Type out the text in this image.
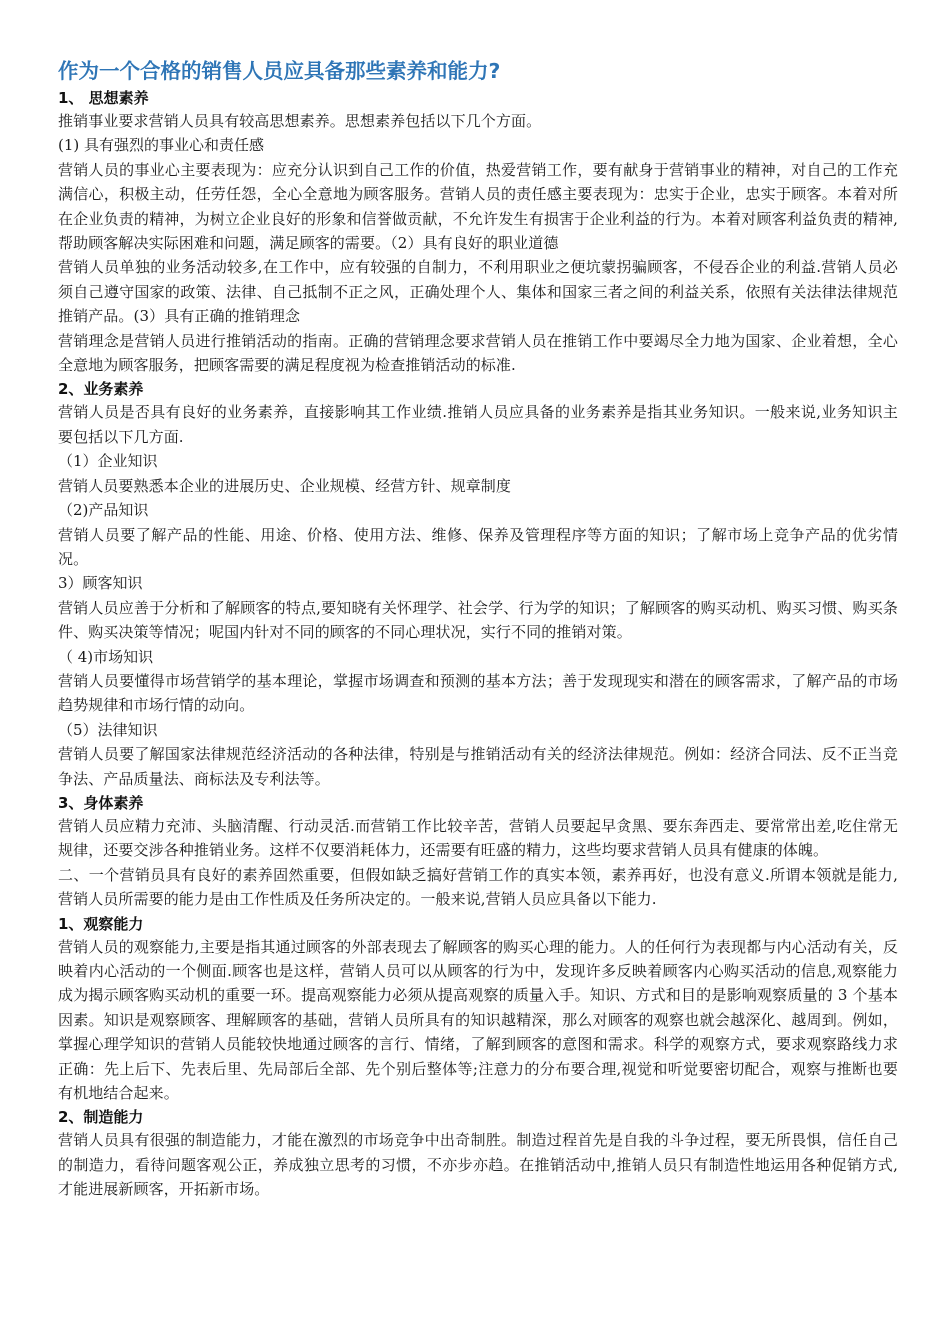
作为一个合格的销售人员应具备那些素养和能力?
1、 思想素养

推销事业要求营销人员具有较高思想素养。思想素养包括以下几个方面。

(1) 具有强烈的事业心和责任感

营销人员的事业心主要表现为：应充分认识到自己工作的价值，热爱营销工作，要有献身于营销事业的精神，对自己的工作充满信心，积极主动，任劳任怨，全心全意地为顾客服务。营销人员的责任感主要表现为：忠实于企业，忠实于顾客。本着对所在企业负责的精神，为树立企业良好的形象和信誉做贡献，不允许发生有损害于企业利益的行为。本着对顾客利益负责的精神,帮助顾客解决实际困难和问题，满足顾客的需要。（2）具有良好的职业道德

营销人员单独的业务活动较多,在工作中，应有较强的自制力，不利用职业之便坑蒙拐骗顾客，不侵吞企业的利益.营销人员必须自己遵守国家的政策、法律、自己抵制不正之风，正确处理个人、集体和国家三者之间的利益关系，依照有关法律法律规范推销产品。(3）具有正确的推销理念

营销理念是营销人员进行推销活动的指南。正确的营销理念要求营销人员在推销工作中要竭尽全力地为国家、企业着想，全心全意地为顾客服务，把顾客需要的满足程度视为检查推销活动的标准.

2、业务素养

营销人员是否具有良好的业务素养，直接影响其工作业绩.推销人员应具备的业务素养是指其业务知识。一般来说,业务知识主要包括以下几方面.

（1）企业知识

营销人员要熟悉本企业的进展历史、企业规模、经营方针、规章制度

（2)产品知识

营销人员要了解产品的性能、用途、价格、使用方法、维修、保养及管理程序等方面的知识；了解市场上竞争产品的优劣情况。

3）顾客知识

营销人员应善于分析和了解顾客的特点,要知晓有关怀理学、社会学、行为学的知识；了解顾客的购买动机、购买习惯、购买条件、购买决策等情况；呢国内针对不同的顾客的不同心理状况，实行不同的推销对策。

（ 4)市场知识

营销人员要懂得市场营销学的基本理论，掌握市场调查和预测的基本方法；善于发现现实和潜在的顾客需求，了解产品的市场趋势规律和市场行情的动向。

（5）法律知识

营销人员要了解国家法律规范经济活动的各种法律，特别是与推销活动有关的经济法律规范。例如：经济合同法、反不正当竞争法、产品质量法、商标法及专利法等。

3、身体素养

营销人员应精力充沛、头脑清醒、行动灵活.而营销工作比较辛苦，营销人员要起早贪黑、要东奔西走、要常常出差,吃住常无规律，还要交涉各种推销业务。这样不仅要消耗体力，还需要有旺盛的精力，这些均要求营销人员具有健康的体魄。

二、一个营销员具有良好的素养固然重要，但假如缺乏搞好营销工作的真实本领，素养再好，也没有意义.所谓本领就是能力,营销人员所需要的能力是由工作性质及任务所决定的。一般来说,营销人员应具备以下能力.

1、观察能力

营销人员的观察能力,主要是指其通过顾客的外部表现去了解顾客的购买心理的能力。人的任何行为表现都与内心活动有关，反映着内心活动的一个侧面.顾客也是这样，营销人员可以从顾客的行为中，发现许多反映着顾客内心购买活动的信息,观察能力成为揭示顾客购买动机的重要一环。提高观察能力必须从提高观察的质量入手。知识、方式和目的是影响观察质量的 3 个基本因素。知识是观察顾客、理解顾客的基础，营销人员所具有的知识越精深，那么对顾客的观察也就会越深化、越周到。例如，掌握心理学知识的营销人员能较快地通过顾客的言行、情绪，了解到顾客的意图和需求。科学的观察方式，要求观察路线力求正确：先上后下、先表后里、先局部后全部、先个别后整体等;注意力的分布要合理,视觉和听觉要密切配合，观察与推断也要有机地结合起来。

2、制造能力

营销人员具有很强的制造能力，才能在激烈的市场竞争中出奇制胜。制造过程首先是自我的斗争过程，要无所畏惧，信任自己的制造力，看待问题客观公正，养成独立思考的习惯，不亦步亦趋。在推销活动中,推销人员只有制造性地运用各种促销方式,才能进展新顾客，开拓新市场。
